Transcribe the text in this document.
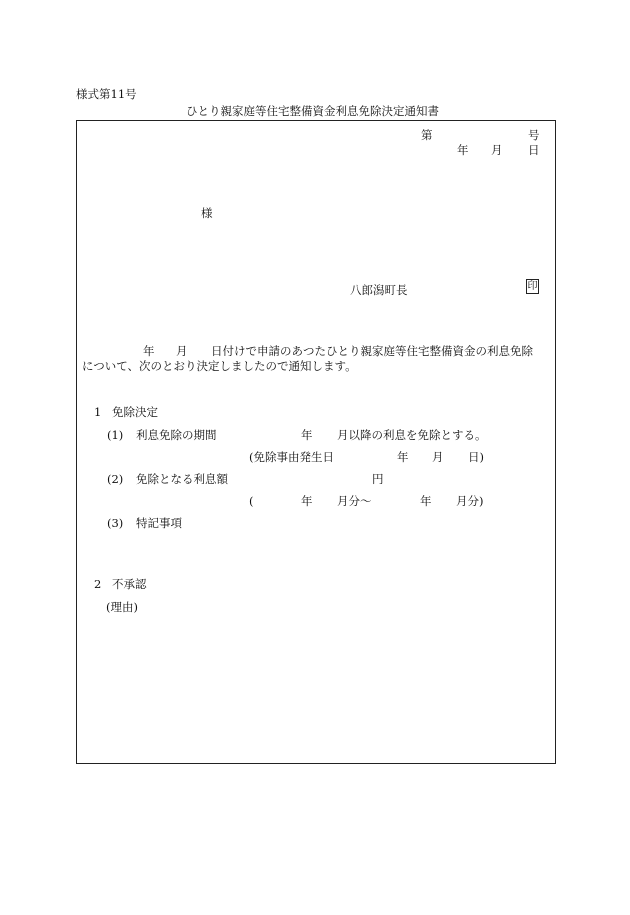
様式第11号
ひとり親家庭等住宅整備資金利息免除決定通知書
第	号
年 月 日
様
八郎潟町長	印
年 月 日付けで申請のあつたひとり親家庭等住宅整備資金の利息免除
について、次のとおり決定しましたので通知します。
1 免除決定
(1) 利息免除の期間	年 月以降の利息を免除とする。
(免除事由発生日	年 月 日)
(2) 免除となる利息額	円
(	年 月分〜	年 月分)
(3) 特記事項
2 不承認
(理由)
